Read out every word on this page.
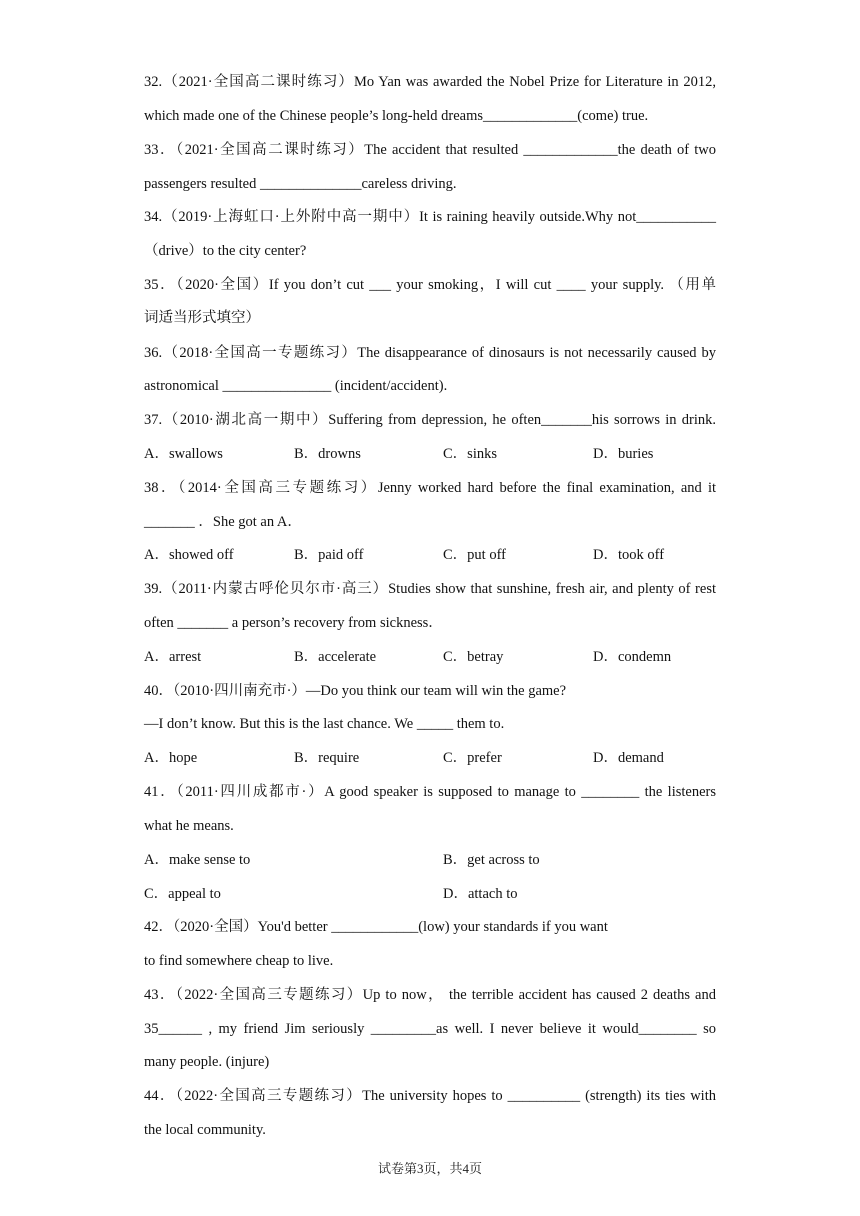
32.（2021·全国高二课时练习）Mo Yan was awarded the Nobel Prize for Literature in 2012,
which made one of the Chinese people’s long-held dreams_____________(come) true.
33．（2021·全国高二课时练习）The accident that resulted _____________the death of two
passengers resulted ______________careless driving.
34.（2019·上海虹口·上外附中高一期中）It is raining heavily outside.Why not___________
（drive）to the city center?
35．（2020·全国）If you don’t cut ___ your smoking，I will cut ____ your supply. （用单
词适当形式填空）
36.（2018·全国高一专题练习）The disappearance of dinosaurs is not necessarily caused by
astronomical _______________ (incident/accident).
37.（2010·湖北高一期中）Suffering from depression, he often_______his sorrows in drink.
A．swallows	B．drowns	C．sinks	D．buries
38．（2014·全国高三专题练习）Jenny worked hard before the final examination, and it
_______ ．She got an A．
A．showed off	B．paid off	C．put off	D．took off
39.（2011·内蒙古呼伦贝尔市·高三）Studies show that sunshine, fresh air, and plenty of rest
often _______ a person’s recovery from sickness．
A．arrest	B．accelerate	C．betray	D．condemn
40．（2010·四川南充市·）—Do you think our team will win the game?
—I don’t know. But this is the last chance. We _____ them to.
A．hope	B．require	C．prefer	D．demand
41．（2011·四川成都市·）A good speaker is supposed to manage to ________ the listeners
what he means.
A．make sense to	B．get across to
C．appeal to	D．attach to
42．（2020·全国）You'd better ____________(low) your standards if you want
to find somewhere cheap to live.
43．（2022·全国高三专题练习）Up to now， the terrible accident has caused 2 deaths and
35______ , my friend Jim seriously _________as well. I never believe it would________ so
many people. (injure)
44．（2022·全国高三专题练习）The university hopes to __________ (strength) its ties with
the local community.
试卷第3页，共4页
